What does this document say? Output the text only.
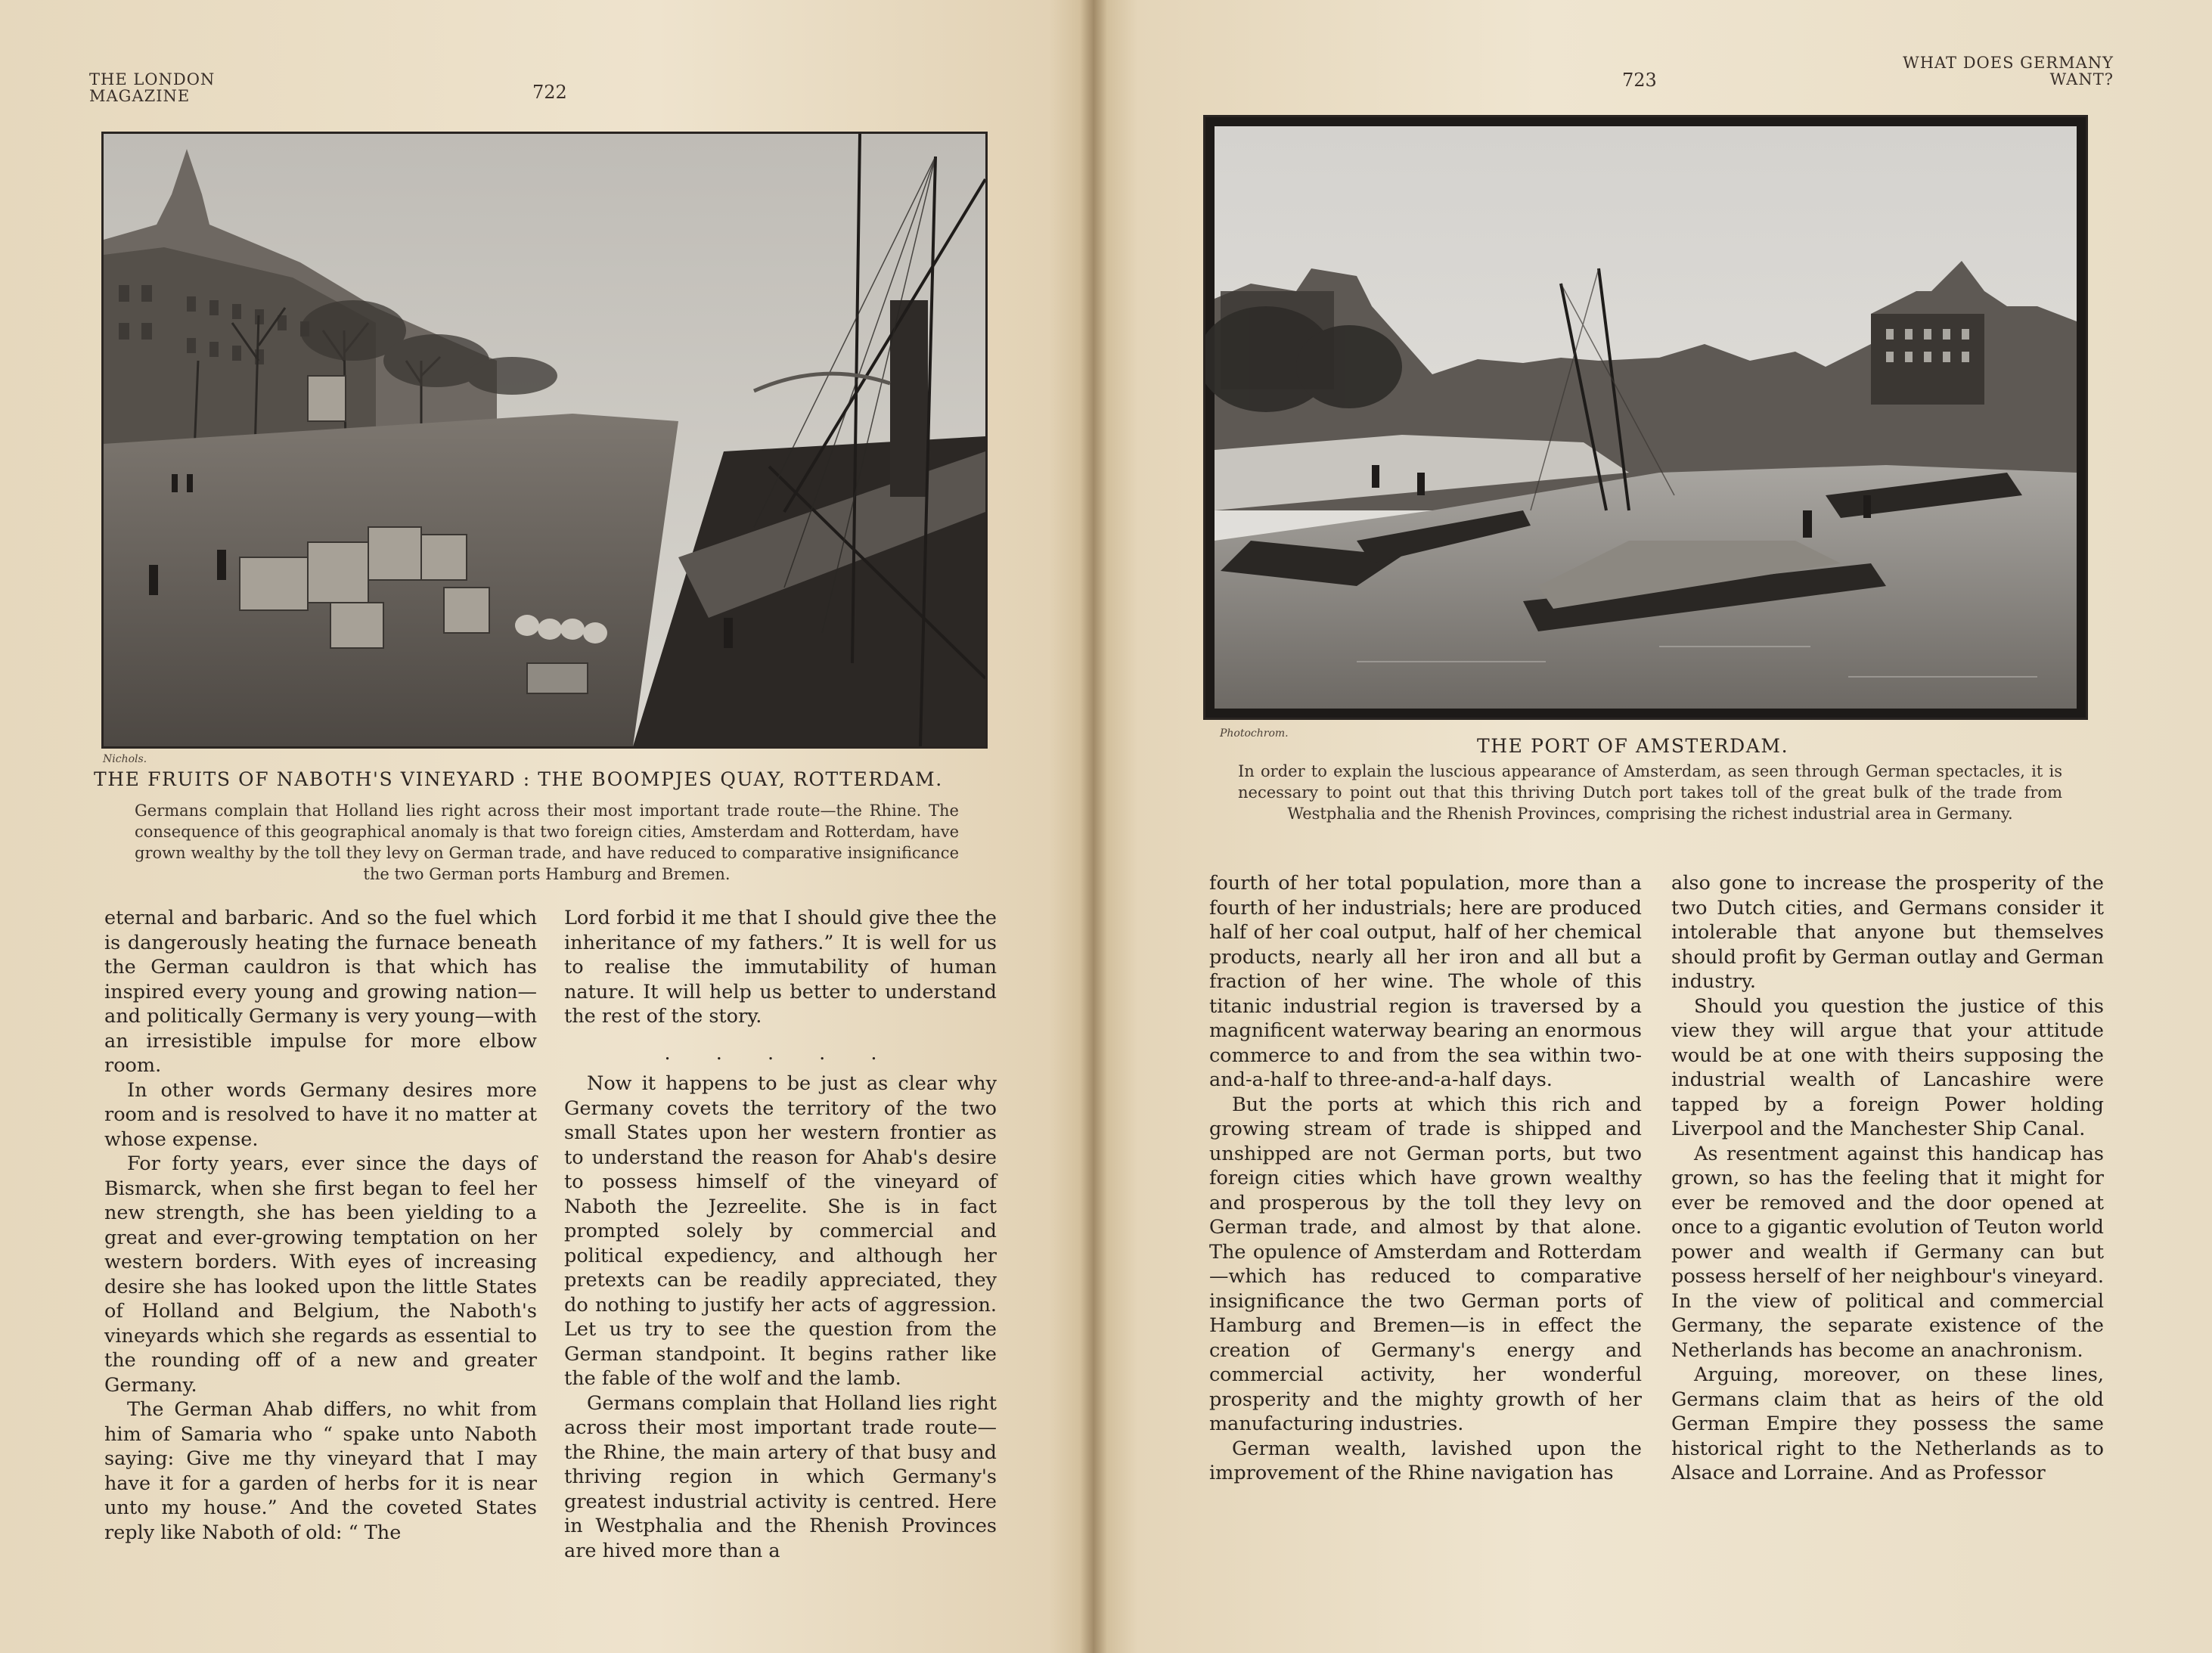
THE LONDON MAGAZINE	722
Nichols.
THE FRUITS OF NABOTH'S VINEYARD : THE BOOMPJES QUAY, ROTTERDAM.
Germans complain that Holland lies right across their most important trade route—the Rhine. The consequence of this geographical anomaly is that two foreign cities, Amsterdam and Rotterdam, have grown wealthy by the toll they levy on German trade, and have reduced to comparative insignificance the two German ports Hamburg and Bremen.

eternal and barbaric. And so the fuel which is dangerously heating the furnace beneath the German cauldron is that which has inspired every young and growing nation—and politically Germany is very young—with an irresistible impulse for more elbow room.

In other words Germany desires more room and is resolved to have it no matter at whose expense.

For forty years, ever since the days of Bismarck, when she first began to feel her new strength, she has been yielding to a great and ever-growing temptation on her western borders. With eyes of increasing desire she has looked upon the little States of Holland and Belgium, the Naboth's vineyards which she regards as essential to the rounding off of a new and greater Germany.

The German Ahab differs, no whit from him of Samaria who “ spake unto Naboth saying: Give me thy vineyard that I may have it for a garden of herbs for it is near unto my house.” And the coveted States reply like Naboth of old: “ The

Lord forbid it me that I should give thee the inheritance of my fathers.” It is well for us to realise the immutability of human nature. It will help us better to understand the rest of the story.

. . . . .

Now it happens to be just as clear why Germany covets the territory of the two small States upon her western frontier as to understand the reason for Ahab's desire to possess himself of the vineyard of Naboth the Jezreelite. She is in fact prompted solely by commercial and political expediency, and although her pretexts can be readily appreciated, they do nothing to justify her acts of aggression. Let us try to see the question from the German standpoint. It begins rather like the fable of the wolf and the lamb.

Germans complain that Holland lies right across their most important trade route—the Rhine, the main artery of that busy and thriving region in which Germany's greatest industrial activity is centred. Here in Westphalia and the Rhenish Provinces are hived more than a

723
WHAT DOES GERMANY WANT?
Photochrom.
THE PORT OF AMSTERDAM.
In order to explain the luscious appearance of Amsterdam, as seen through German spectacles, it is necessary to point out that this thriving Dutch port takes toll of the great bulk of the trade from Westphalia and the Rhenish Provinces, comprising the richest industrial area in Germany.

fourth of her total population, more than a fourth of her industrials; here are produced half of her coal output, half of her chemical products, nearly all her iron and all but a fraction of her wine. The whole of this titanic industrial region is traversed by a magnificent waterway bearing an enormous commerce to and from the sea within two-and-a-half to three-and-a-half days.

But the ports at which this rich and growing stream of trade is shipped and unshipped are not German ports, but two foreign cities which have grown wealthy and prosperous by the toll they levy on German trade, and almost by that alone. The opulence of Amsterdam and Rotterdam—which has reduced to comparative insignificance the two German ports of Hamburg and Bremen—is in effect the creation of Germany's energy and commercial activity, her wonderful prosperity and the mighty growth of her manufacturing industries.

German wealth, lavished upon the improvement of the Rhine navigation has

also gone to increase the prosperity of the two Dutch cities, and Germans consider it intolerable that anyone but themselves should profit by German outlay and German industry.

Should you question the justice of this view they will argue that your attitude would be at one with theirs supposing the industrial wealth of Lancashire were tapped by a foreign Power holding Liverpool and the Manchester Ship Canal.

As resentment against this handicap has grown, so has the feeling that it might for ever be removed and the door opened at once to a gigantic evolution of Teuton world power and wealth if Germany can but possess herself of her neighbour's vineyard. In the view of political and commercial Germany, the separate existence of the Netherlands has become an anachronism.

Arguing, moreover, on these lines, Germans claim that as heirs of the old German Empire they possess the same historical right to the Netherlands as to Alsace and Lorraine. And as Professor
